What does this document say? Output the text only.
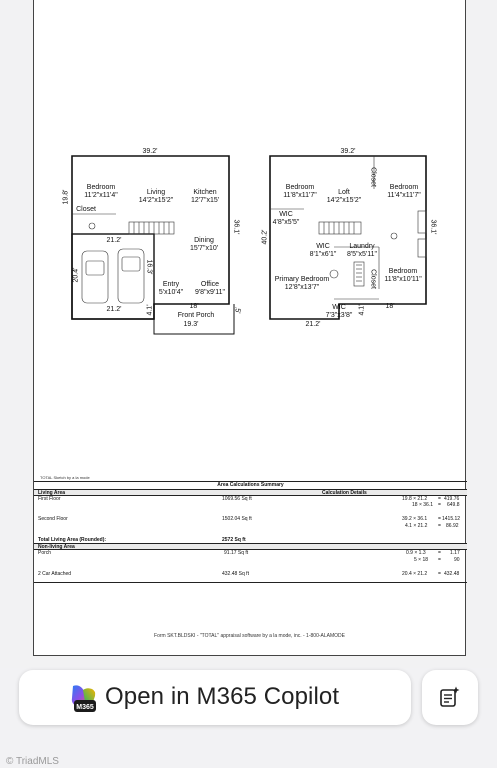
39.2'
19.8'
36.1'
21.2'
20.4'
16.3'
21.2'	4.1'	18'
19.3'
.5'
Bedroom
11'2"x11'4"
Closet
Living
14'2"x15'2"
Kitchen
12'7"x15'
Dining
15'7"x10'
Entry
5'x10'4"
Office
9'8"x9'11"
Front Porch
39.2'
40.2'
36.1'
21.2'
18'
4.1'
Bedroom
11'8"x11'7"	Loft
14'2"x15'2"
Closet
Bedroom
11'4"x11'7"
WIC
4'8"x5'5"
WIC
8'1"x6'1"
Laundry
8'5"x5'11"
Primary Bedroom
12'8"x13'7"	Closet	Bedroom
11'8"x10'11"
WIC
7'3"x3'8"
TOTAL Sketch by a la mode
Area Calculations Summary
Living Area	Calculation Details
First Floor	1069.56 Sq ft	19.8 × 21.2 = 419.76
18 × 36.1 = 649.8
Second Floor	1502.04 Sq ft	39.2 × 36.1 = 1415.12
4.1 × 21.2 = 86.92
Total Living Area (Rounded):	2572 Sq ft
Non-living Area
Porch	91.17 Sq ft	0.9 × 1.3 = 1.17
5 × 18 =	90
2 Car Attached	432.48 Sq ft	20.4 × 21.2 = 432.48
Form SKT.BLDSKI - "TOTAL" appraisal software by a la mode, inc. - 1-800-ALAMODE
M365 Open in M365 Copilot
© TriadMLS
